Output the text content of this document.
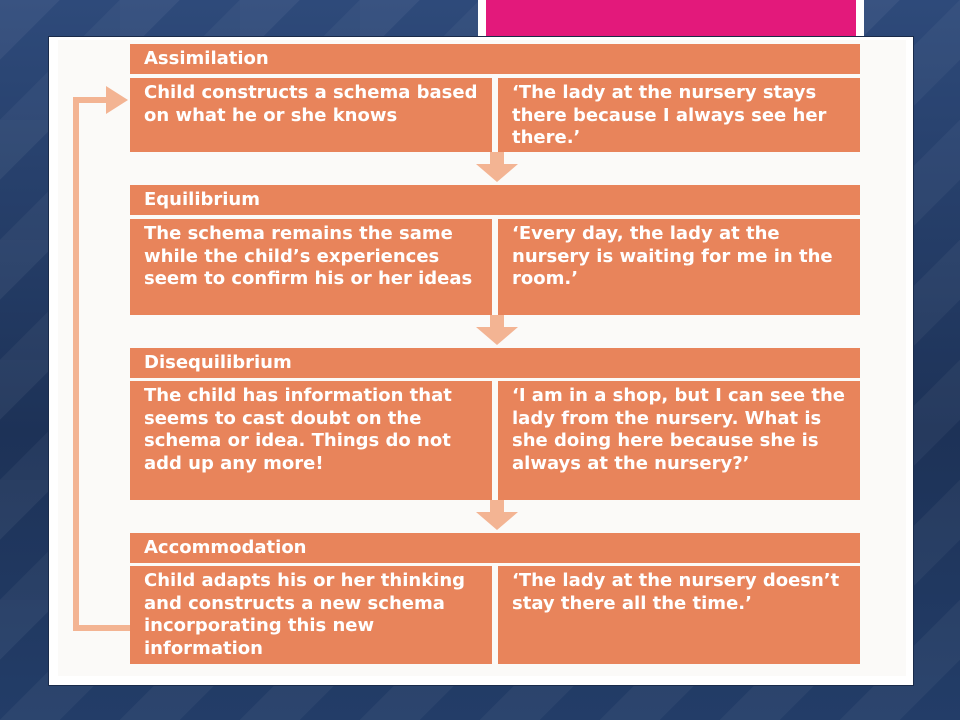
Assimilation
Child constructs a schema based on what he or she knows
‘The lady at the nursery stays there because I always see her there.’
Equilibrium
The schema remains the same while the child’s experiences seem to confirm his or her ideas
‘Every day, the lady at the nursery is waiting for me in the room.’
Disequilibrium
The child has information that seems to cast doubt on the schema or idea. Things do not add up any more!
‘I am in a shop, but I can see the lady from the nursery. What is she doing here because she is always at the nursery?’
Accommodation
Child adapts his or her thinking and constructs a new schema incorporating this new information
‘The lady at the nursery doesn’t stay there all the time.’
